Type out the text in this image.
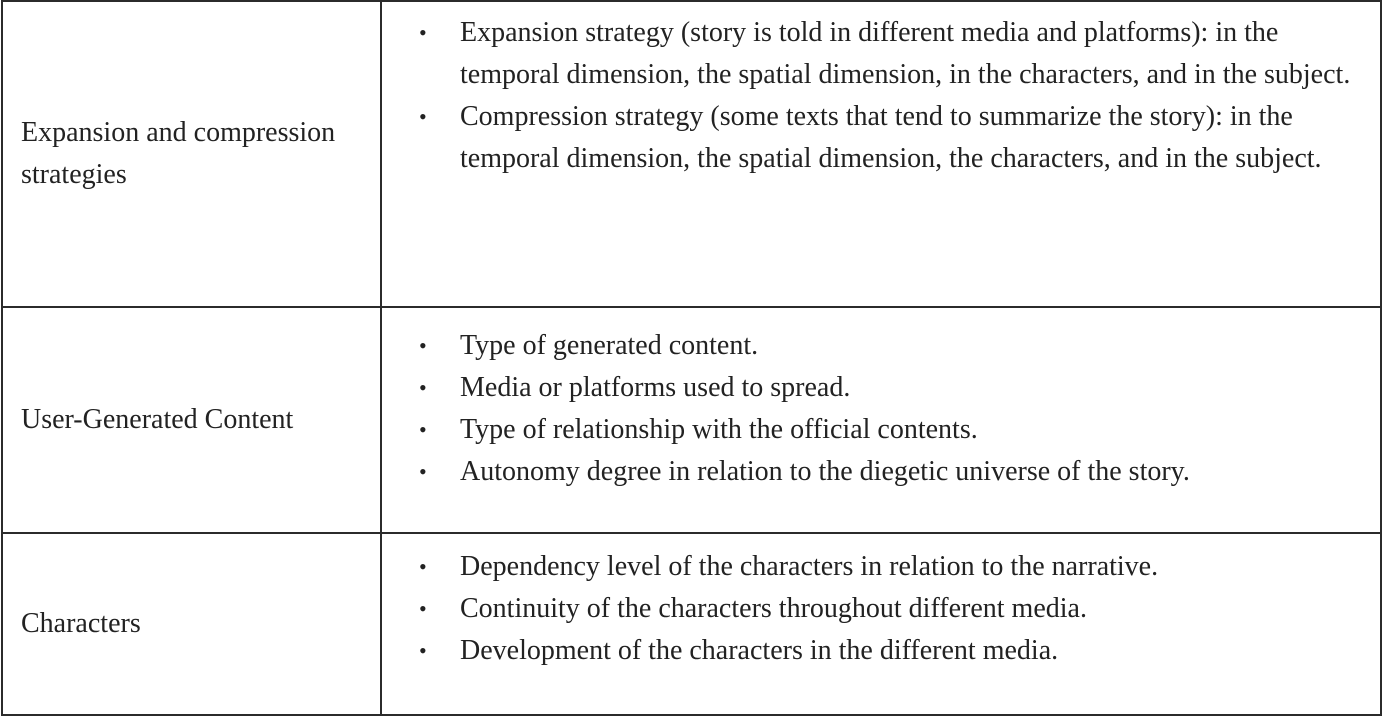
Expansion and compression strategies
• Expansion strategy (story is told in different media and platforms): in the temporal dimension, the spatial dimension, in the characters, and in the subject.
• Compression strategy (some texts that tend to summarize the story): in the temporal dimension, the spatial dimension, the characters, and in the subject.
User-Generated Content
• Type of generated content.
• Media or platforms used to spread.
• Type of relationship with the official contents.
• Autonomy degree in relation to the diegetic universe of the story.
Characters
• Dependency level of the characters in relation to the narrative.
• Continuity of the characters throughout different media.
• Development of the characters in the different media.
